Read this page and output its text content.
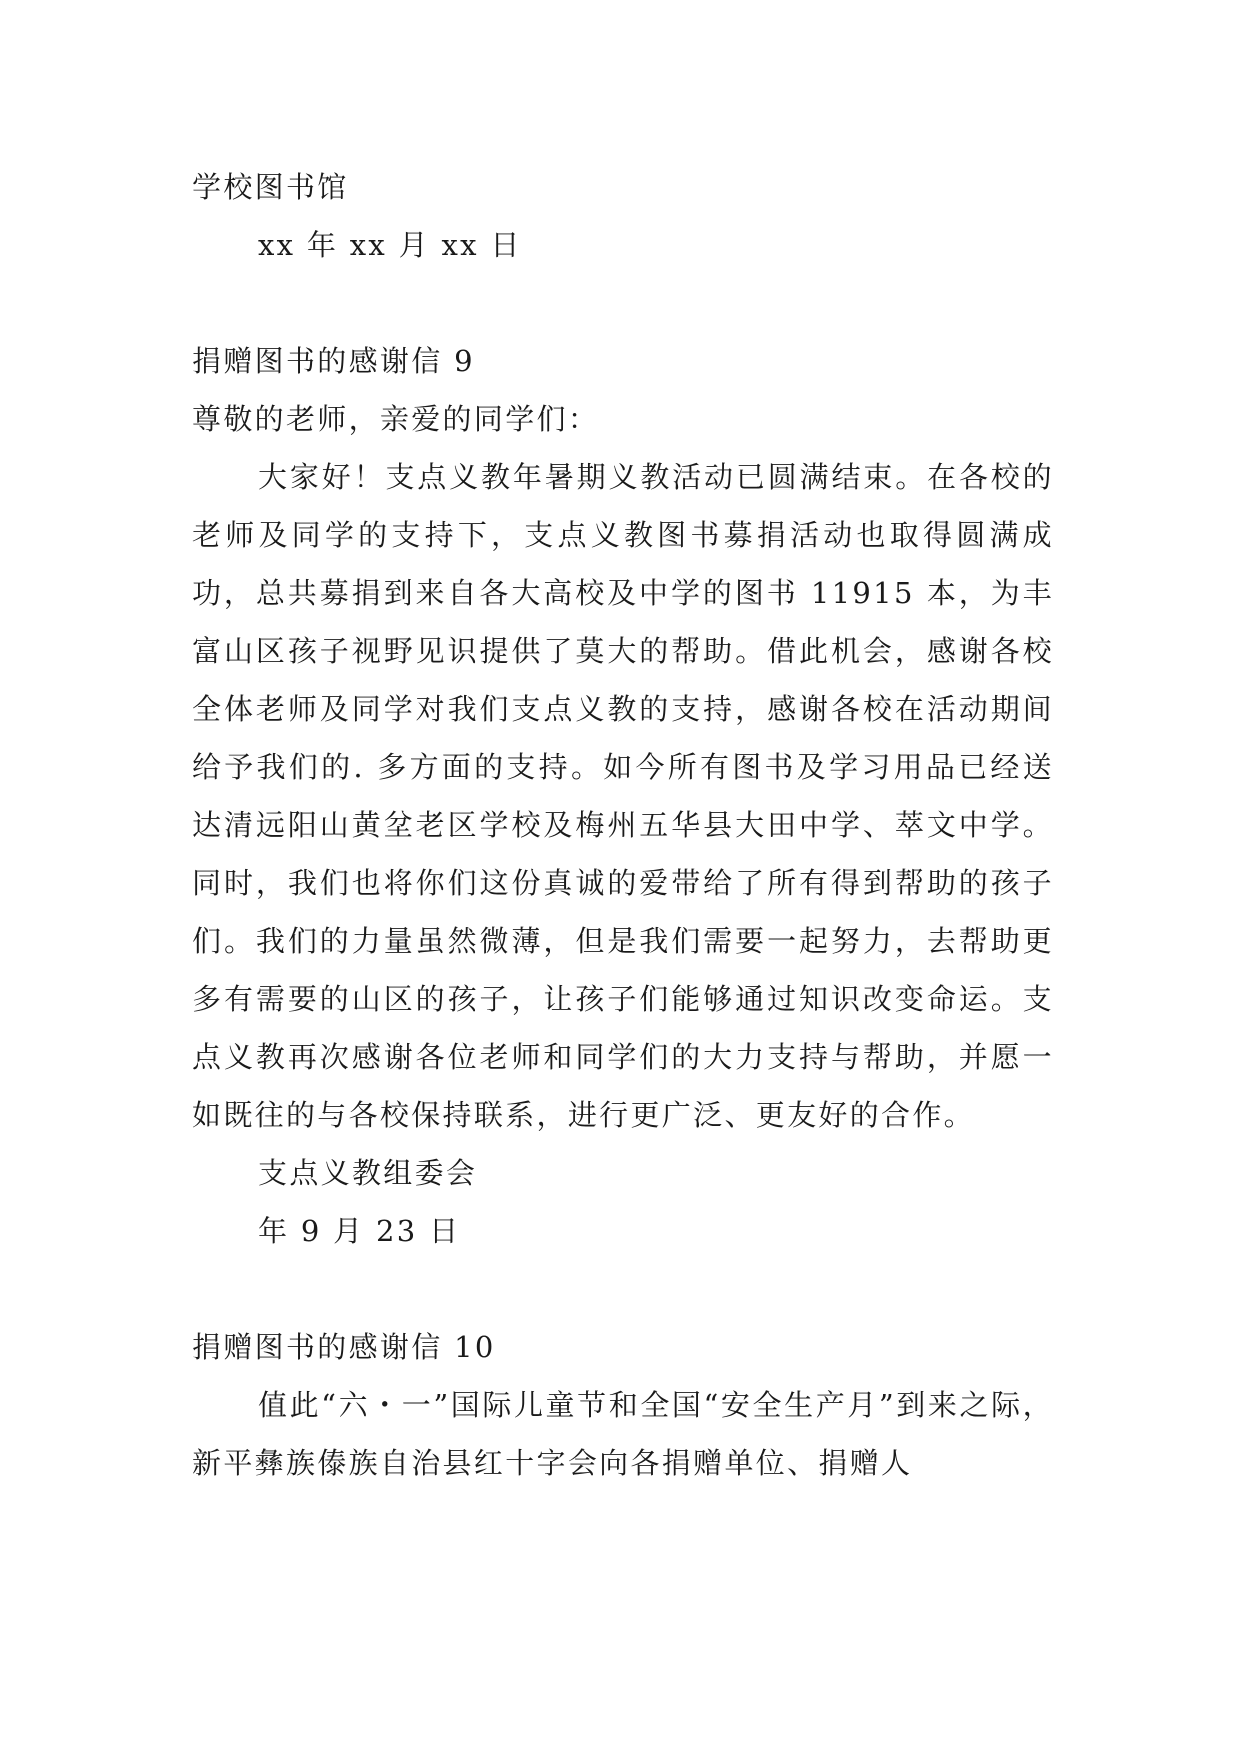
学校图书馆
xx 年 xx 月 xx 日
捐赠图书的感谢信 9
尊敬的老师，亲爱的同学们：
大家好！支点义教年暑期义教活动已圆满结束。在各校的老师及同学的支持下，支点义教图书募捐活动也取得圆满成功，总共募捐到来自各大高校及中学的图书 11915 本，为丰富山区孩子视野见识提供了莫大的帮助。借此机会，感谢各校全体老师及同学对我们支点义教的支持，感谢各校在活动期间给予我们的. 多方面的支持。如今所有图书及学习用品已经送达清远阳山黄坌老区学校及梅州五华县大田中学、萃文中学。同时，我们也将你们这份真诚的爱带给了所有得到帮助的孩子们。我们的力量虽然微薄，但是我们需要一起努力，去帮助更多有需要的山区的孩子，让孩子们能够通过知识改变命运。支点义教再次感谢各位老师和同学们的大力支持与帮助，并愿一如既往的与各校保持联系，进行更广泛、更友好的合作。
支点义教组委会
年 9 月 23 日
捐赠图书的感谢信 10
值此“六・一”国际儿童节和全国“安全生产月”到来之际，新平彝族傣族自治县红十字会向各捐赠单位、捐赠人
